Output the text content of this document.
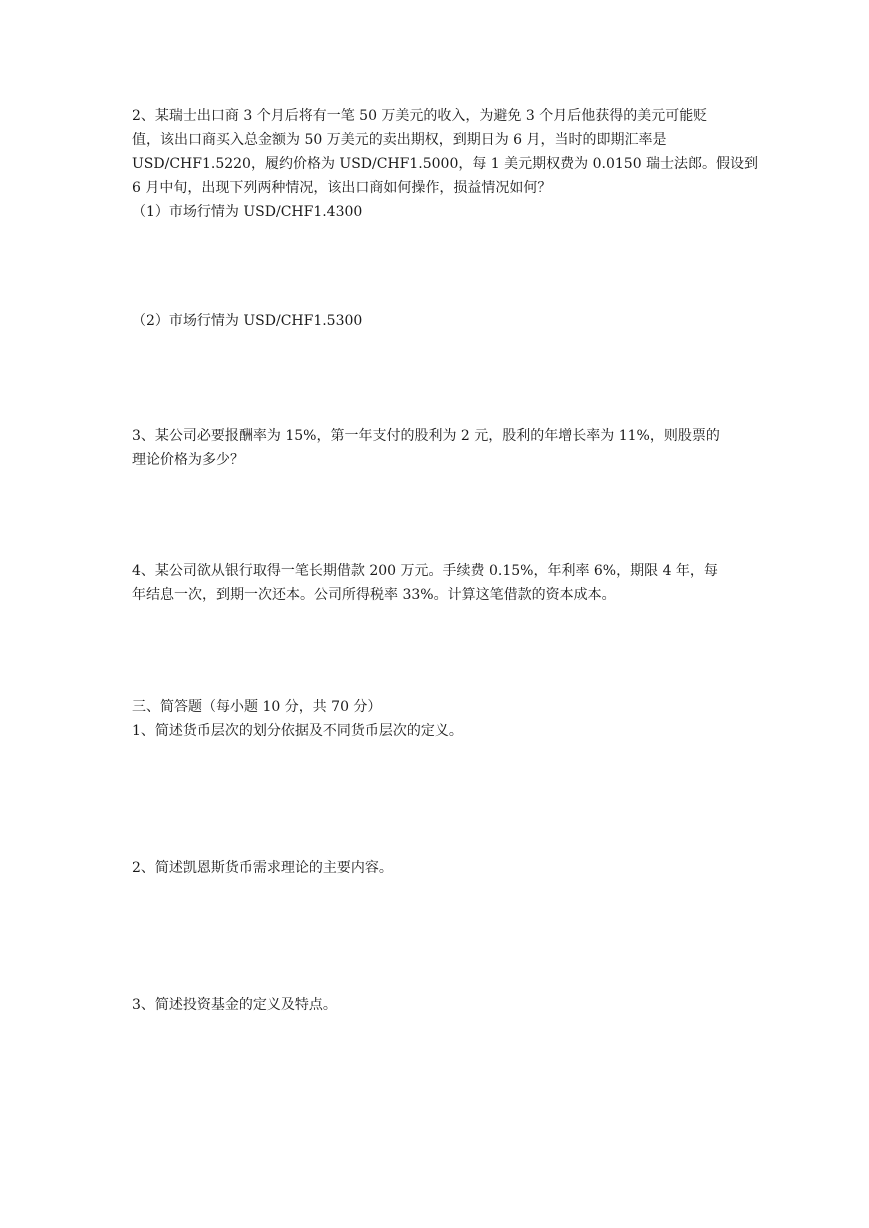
2、某瑞士出口商 3 个月后将有一笔 50 万美元的收入，为避免 3 个月后他获得的美元可能贬
值，该出口商买入总金额为 50 万美元的卖出期权，到期日为 6 月，当时的即期汇率是
USD/CHF1.5220，履约价格为 USD/CHF1.5000，每 1 美元期权费为 0.0150 瑞士法郎。假设到
6 月中旬，出现下列两种情况，该出口商如何操作，损益情况如何？
（1）市场行情为 USD/CHF1.4300
（2）市场行情为 USD/CHF1.5300
3、某公司必要报酬率为 15%，第一年支付的股利为 2 元，股利的年增长率为 11%，则股票的
理论价格为多少？
4、某公司欲从银行取得一笔长期借款 200 万元。手续费 0.15%，年利率 6%，期限 4 年，每
年结息一次，到期一次还本。公司所得税率 33%。计算这笔借款的资本成本。
三、简答题（每小题 10 分，共 70 分）
1、简述货币层次的划分依据及不同货币层次的定义。
2、简述凯恩斯货币需求理论的主要内容。
3、简述投资基金的定义及特点。
